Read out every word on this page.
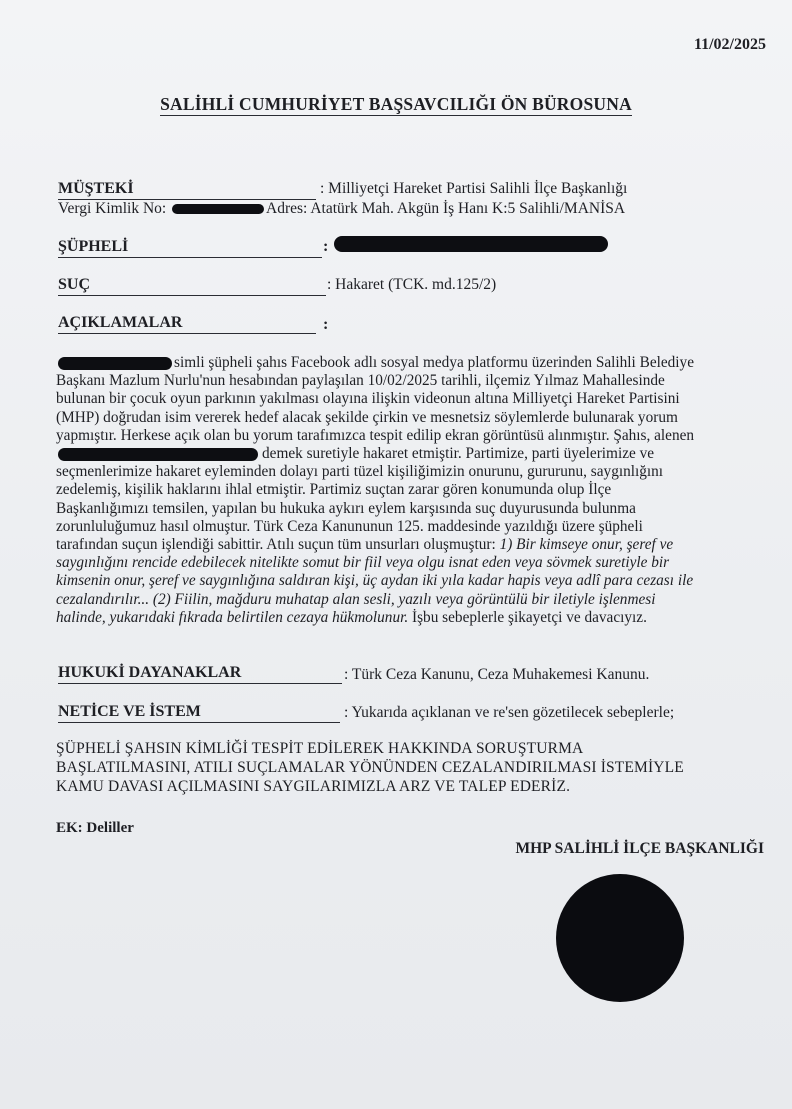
11/02/2025
SALİHLİ CUMHURİYET BAŞSAVCILIĞI ÖN BÜROSUNA
MÜŞTEKİ	: Milliyetçi Hareket Partisi Salihli İlçe Başkanlığı
Vergi Kimlik No:	Adres: Atatürk Mah. Akgün İş Hanı K:5 Salihli/MANİSA
ŞÜPHELİ	:
SUÇ	: Hakaret (TCK. md.125/2)
AÇIKLAMALAR	:
simli şüpheli şahıs Facebook adlı sosyal medya platformu üzerinden Salihli Belediye
Başkanı Mazlum Nurlu'nun hesabından paylaşılan 10/02/2025 tarihli, ilçemiz Yılmaz Mahallesinde
bulunan bir çocuk oyun parkının yakılması olayına ilişkin videonun altına Milliyetçi Hareket Partisini
(MHP) doğrudan isim vererek hedef alacak şekilde çirkin ve mesnetsiz söylemlerde bulunarak yorum
yapmıştır. Herkese açık olan bu yorum tarafımızca tespit edilip ekran görüntüsü alınmıştır. Şahıs, alenen
demek suretiyle hakaret etmiştir. Partimize, parti üyelerimize ve
seçmenlerimize hakaret eyleminden dolayı parti tüzel kişiliğimizin onurunu, gururunu, saygınlığını
zedelemiş, kişilik haklarını ihlal etmiştir. Partimiz suçtan zarar gören konumunda olup İlçe
Başkanlığımızı temsilen, yapılan bu hukuka aykırı eylem karşısında suç duyurusunda bulunma
zorunluluğumuz hasıl olmuştur. Türk Ceza Kanununun 125. maddesinde yazıldığı üzere şüpheli
tarafından suçun işlendiği sabittir. Atılı suçun tüm unsurları oluşmuştur: 1) Bir kimseye onur, şeref ve
saygınlığını rencide edebilecek nitelikte somut bir fiil veya olgu isnat eden veya sövmek suretiyle bir
kimsenin onur, şeref ve saygınlığına saldıran kişi, üç aydan iki yıla kadar hapis veya adlî para cezası ile
cezalandırılır... (2) Fiilin, mağduru muhatap alan sesli, yazılı veya görüntülü bir iletiyle işlenmesi
halinde, yukarıdaki fıkrada belirtilen cezaya hükmolunur. İşbu sebeplerle şikayetçi ve davacıyız.
HUKUKİ DAYANAKLAR	: Türk Ceza Kanunu, Ceza Muhakemesi Kanunu.
NETİCE VE İSTEM	: Yukarıda açıklanan ve re'sen gözetilecek sebeplerle;
ŞÜPHELİ ŞAHSIN KİMLİĞİ TESPİT EDİLEREK HAKKINDA SORUŞTURMA
BAŞLATILMASINI, ATILI SUÇLAMALAR YÖNÜNDEN CEZALANDIRILMASI İSTEMİYLE
KAMU DAVASI AÇILMASINI SAYGILARIMIZLA ARZ VE TALEP EDERİZ.
EK: Deliller
MHP SALİHLİ İLÇE BAŞKANLIĞI
